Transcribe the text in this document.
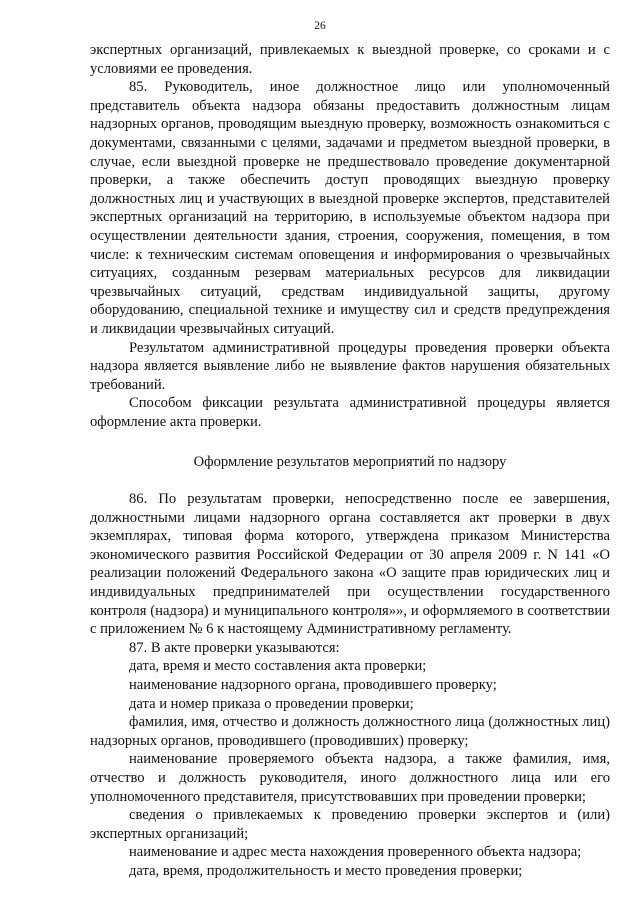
26

экспертных организаций, привлекаемых к выездной проверке, со сроками и с условиями ее проведения.

85. Руководитель, иное должностное лицо или уполномоченный представитель объекта надзора обязаны предоставить должностным лицам надзорных органов, проводящим выездную проверку, возможность ознакомиться с документами, связанными с целями, задачами и предметом выездной проверки, в случае, если выездной проверке не предшествовало проведение документарной проверки, а также обеспечить доступ проводящих выездную проверку должностных лиц и участвующих в выездной проверке экспертов, представителей экспертных организаций на территорию, в используемые объектом надзора при осуществлении деятельности здания, строения, сооружения, помещения, в том числе: к техническим системам оповещения и информирования о чрезвычайных ситуациях, созданным резервам материальных ресурсов для ликвидации чрезвычайных ситуаций, средствам индивидуальной защиты, другому оборудованию, специальной технике и имуществу сил и средств предупреждения и ликвидации чрезвычайных ситуаций.

Результатом административной процедуры проведения проверки объекта надзора является выявление либо не выявление фактов нарушения обязательных требований.

Способом фиксации результата административной процедуры является оформление акта проверки.

Оформление результатов мероприятий по надзору

86. По результатам проверки, непосредственно после ее завершения, должностными лицами надзорного органа составляется акт проверки в двух экземплярах, типовая форма которого, утверждена приказом Министерства экономического развития Российской Федерации от 30 апреля 2009 г. N 141 «О реализации положений Федерального закона «О защите прав юридических лиц и индивидуальных предпринимателей при осуществлении государственного контроля (надзора) и муниципального контроля»», и оформляемого в соответствии с приложением № 6 к настоящему Административному регламенту.

87. В акте проверки указываются:

дата, время и место составления акта проверки;

наименование надзорного органа, проводившего проверку;

дата и номер приказа о проведении проверки;

фамилия, имя, отчество и должность должностного лица (должностных лиц) надзорных органов, проводившего (проводивших) проверку;

наименование проверяемого объекта надзора, а также фамилия, имя, отчество и должность руководителя, иного должностного лица или его уполномоченного представителя, присутствовавших при проведении проверки;

сведения о привлекаемых к проведению проверки экспертов и (или) экспертных организаций;

наименование и адрес места нахождения проверенного объекта надзора;

дата, время, продолжительность и место проведения проверки;
